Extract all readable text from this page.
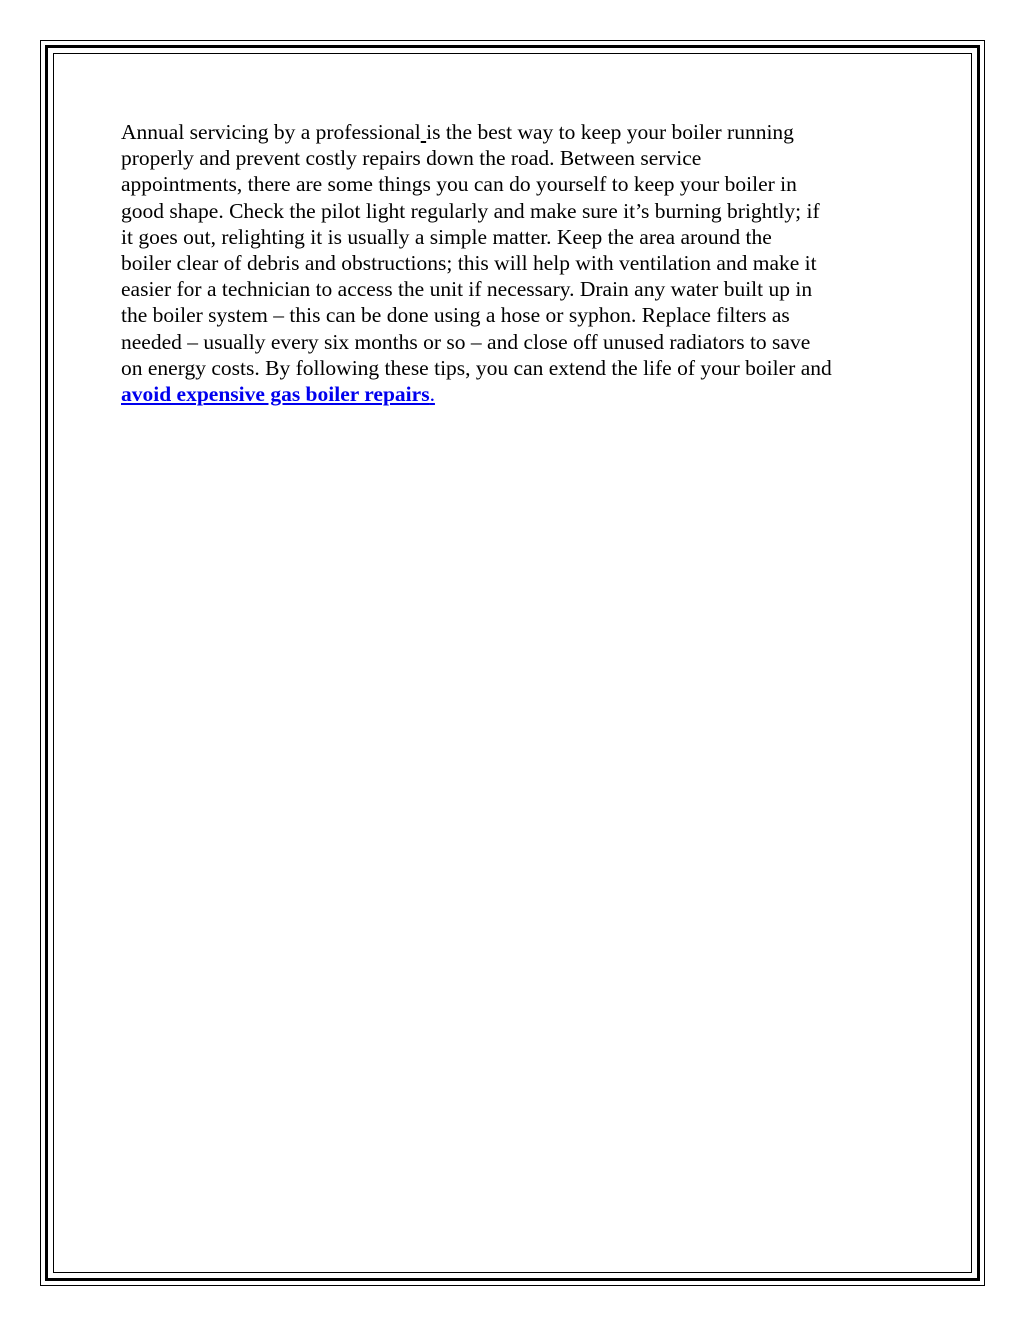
Annual servicing by a professional is the best way to keep your boiler running
properly and prevent costly repairs down the road. Between service
appointments, there are some things you can do yourself to keep your boiler in
good shape. Check the pilot light regularly and make sure it’s burning brightly; if
it goes out, relighting it is usually a simple matter. Keep the area around the
boiler clear of debris and obstructions; this will help with ventilation and make it
easier for a technician to access the unit if necessary. Drain any water built up in
the boiler system – this can be done using a hose or syphon. Replace filters as
needed – usually every six months or so – and close off unused radiators to save
on energy costs. By following these tips, you can extend the life of your boiler and
avoid expensive gas boiler repairs.
